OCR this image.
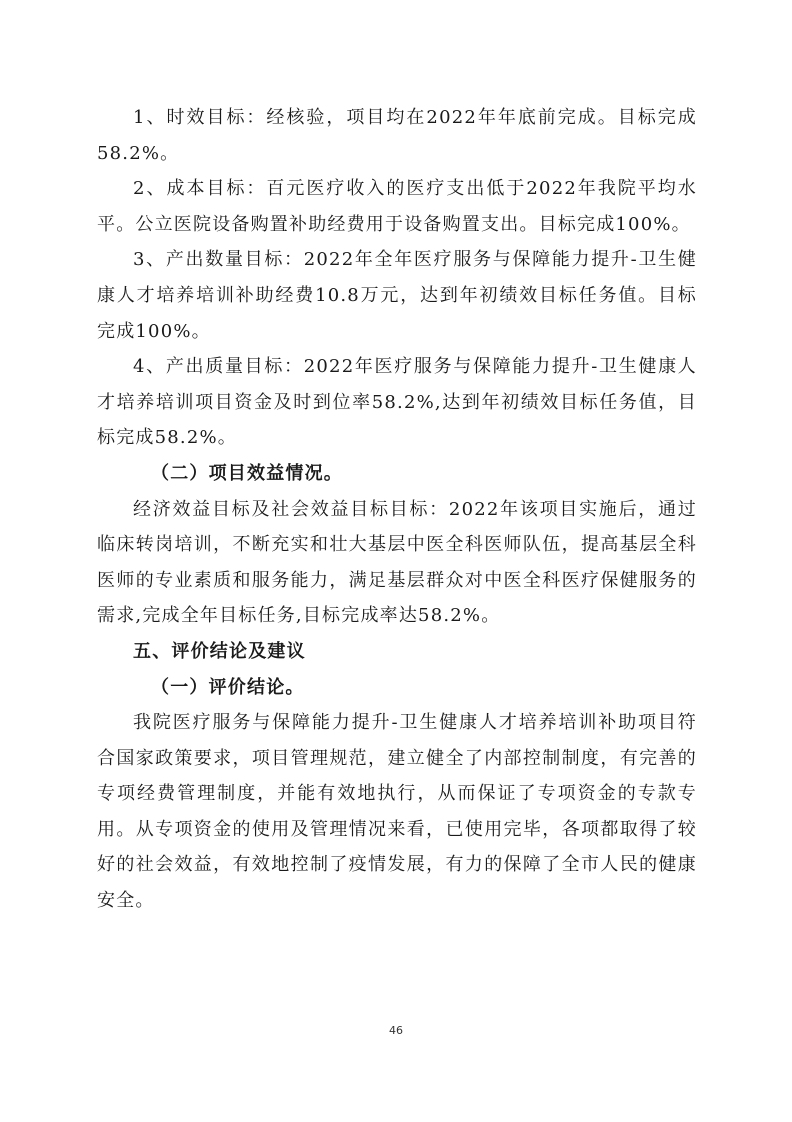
1、时效目标：经核验，项目均在2022年年底前完成。目标完成58.2%。

2、成本目标：百元医疗收入的医疗支出低于2022年我院平均水平。公立医院设备购置补助经费用于设备购置支出。目标完成100%。

3、产出数量目标：2022年全年医疗服务与保障能力提升-卫生健康人才培养培训补助经费10.8万元，达到年初绩效目标任务值。目标完成100%。

4、产出质量目标：2022年医疗服务与保障能力提升-卫生健康人才培养培训项目资金及时到位率58.2%,达到年初绩效目标任务值，目标完成58.2%。

（二）项目效益情况。

经济效益目标及社会效益目标目标：2022年该项目实施后，通过临床转岗培训，不断充实和壮大基层中医全科医师队伍，提高基层全科医师的专业素质和服务能力，满足基层群众对中医全科医疗保健服务的需求,完成全年目标任务,目标完成率达58.2%。

五、评价结论及建议

（一）评价结论。

我院医疗服务与保障能力提升-卫生健康人才培养培训补助项目符合国家政策要求，项目管理规范，建立健全了内部控制制度，有完善的专项经费管理制度，并能有效地执行，从而保证了专项资金的专款专用。从专项资金的使用及管理情况来看，已使用完毕，各项都取得了较好的社会效益，有效地控制了疫情发展，有力的保障了全市人民的健康安全。

46
